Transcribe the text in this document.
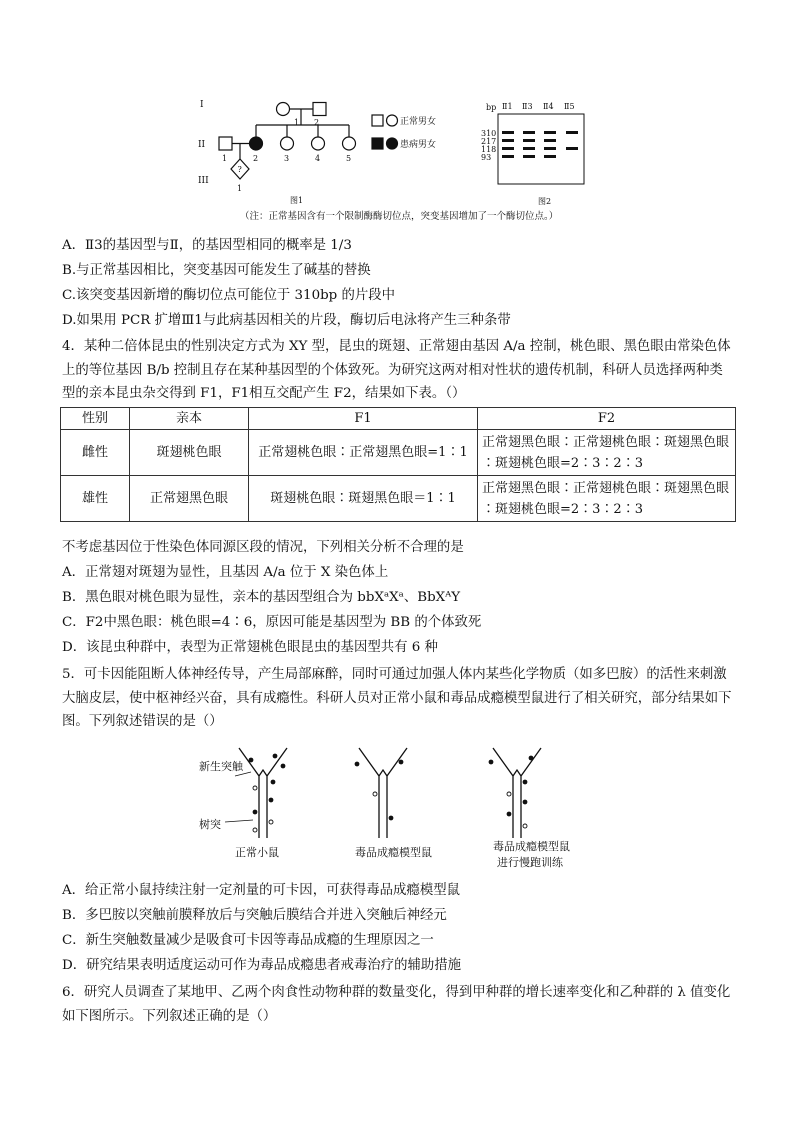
I
II
III
1 2
1	2	3	4	5
?
1
图1
正常男女
患病男女
bp Ⅱ1 Ⅱ3 Ⅱ4 Ⅱ5
310
217
118
93
图2
（注：正常基因含有一个限制酶酶切位点，突变基因增加了一个酶切位点。）
A．Ⅱ3的基因型与Ⅱ，的基因型相同的概率是 1/3
B.与正常基因相比，突变基因可能发生了碱基的替换
C.该突变基因新增的酶切位点可能位于 310bp 的片段中
D.如果用 PCR 扩增Ⅲ1与此病基因相关的片段，酶切后电泳将产生三种条带
4．某种二倍体昆虫的性别决定方式为 XY 型，昆虫的斑翅、正常翅由基因 A/a 控制，桃色眼、黑色眼由常染色体上的等位基因 B/b 控制且存在某种基因型的个体致死。为研究这两对相对性状的遗传机制，科研人员选择两种类型的亲本昆虫杂交得到 F1，F1相互交配产生 F2，结果如下表。（）
性别	亲本	F1	F2
雌性	斑翅桃色眼	正常翅桃色眼∶正常翅黑色眼=1∶1	正常翅黑色眼∶正常翅桃色眼∶斑翅黑色眼∶斑翅桃色眼=2∶3∶2∶3
雄性	正常翅黑色眼	斑翅桃色眼∶斑翅黑色眼＝1∶1	正常翅黑色眼∶正常翅桃色眼∶斑翅黑色眼∶斑翅桃色眼=2∶3∶2∶3
不考虑基因位于性染色体同源区段的情况，下列相关分析不合理的是
A．正常翅对斑翅为显性，且基因 A/a 位于 X 染色体上
B．黑色眼对桃色眼为显性，亲本的基因型组合为 bbXᵃXᵃ、BbXᴬY
C．F2中黑色眼：桃色眼=4∶6，原因可能是基因型为 BB 的个体致死
D．该昆虫种群中，表型为正常翅桃色眼昆虫的基因型共有 6 种
5．可卡因能阻断人体神经传导，产生局部麻醉，同时可通过加强人体内某些化学物质（如多巴胺）的活性来刺激大脑皮层，使中枢神经兴奋，具有成瘾性。科研人员对正常小鼠和毒品成瘾模型鼠进行了相关研究，部分结果如下图。下列叙述错误的是（）
新生突触
树突
正常小鼠	毒品成瘾模型鼠	毒品成瘾模型鼠
进行慢跑训练
A．给正常小鼠持续注射一定剂量的可卡因，可获得毒品成瘾模型鼠
B．多巴胺以突触前膜释放后与突触后膜结合并进入突触后神经元
C．新生突触数量减少是吸食可卡因等毒品成瘾的生理原因之一
D．研究结果表明适度运动可作为毒品成瘾患者戒毒治疗的辅助措施
6．研究人员调查了某地甲、乙两个肉食性动物种群的数量变化，得到甲种群的增长速率变化和乙种群的 λ 值变化如下图所示。下列叙述正确的是（）
